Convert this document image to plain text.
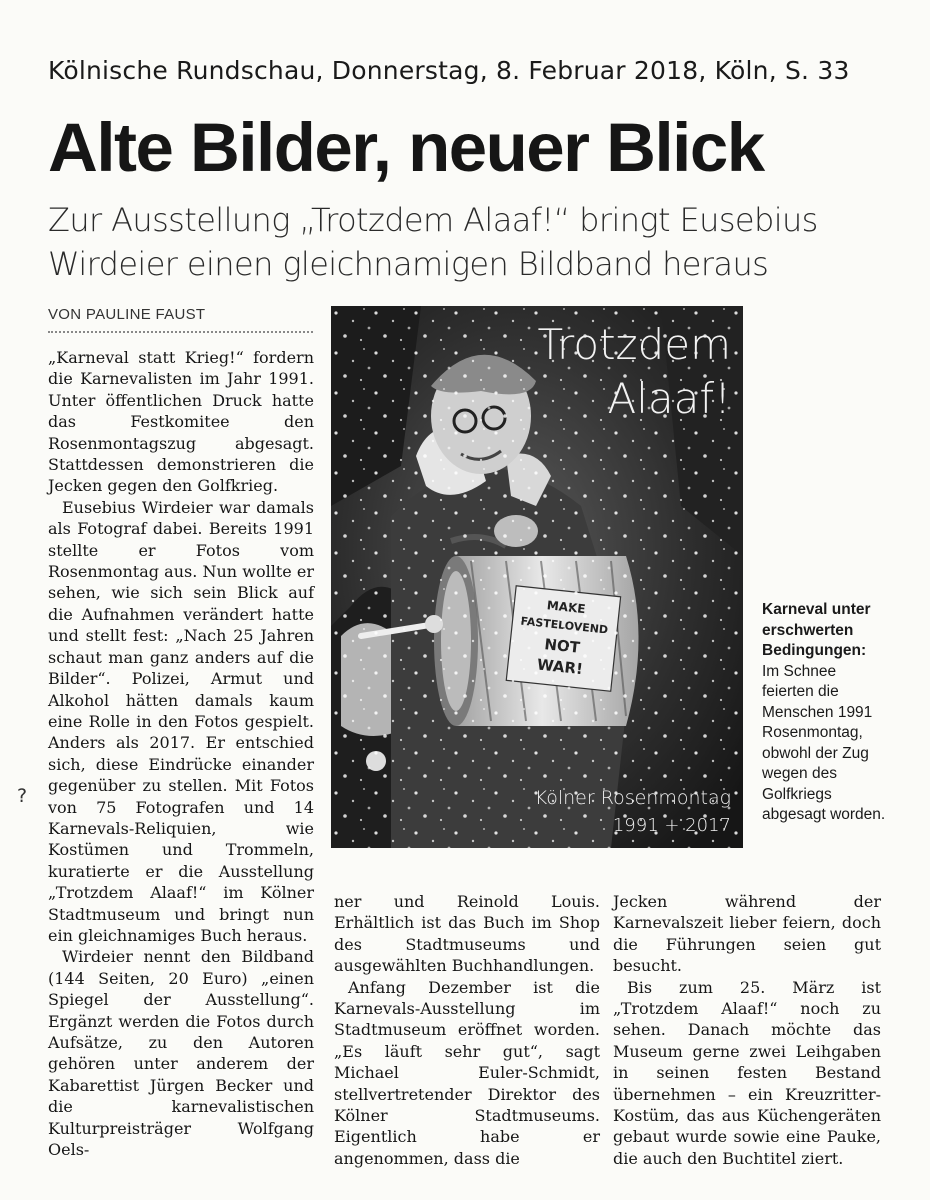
Kölnische Rundschau, Donnerstag, 8. Februar 2018, Köln, S. 33
Alte Bilder, neuer Blick
Zur Ausstellung „Trotzdem Alaaf!“ bringt Eusebius
Wirdeier einen gleichnamigen Bildband heraus
VON PAULINE FAUST

„Karneval statt Krieg!“ fordern die Karnevalisten im Jahr 1991. Unter öffentlichen Druck hatte das Festkomitee den Rosenmontagszug abgesagt. Stattdessen demonstrieren die Jecken gegen den Golfkrieg.

Eusebius Wirdeier war damals als Fotograf dabei. Bereits 1991 stellte er Fotos vom Rosenmontag aus. Nun wollte er sehen, wie sich sein Blick auf die Aufnahmen verändert hatte und stellt fest: „Nach 25 Jahren schaut man ganz anders auf die Bilder“. Polizei, Armut und Alkohol hätten damals kaum eine Rolle in den Fotos gespielt. Anders als 2017. Er entschied sich, diese Eindrücke einander gegenüber zu stellen. Mit Fotos von 75 Fotografen und 14 Karnevals-Reliquien, wie Kostümen und Trommeln, kuratierte er die Ausstellung „Trotzdem Alaaf!“ im Kölner Stadtmuseum und bringt nun ein gleichnamiges Buch heraus.

Wirdeier nennt den Bildband (144 Seiten, 20 Euro) „einen Spiegel der Ausstellung“. Ergänzt werden die Fotos durch Aufsätze, zu den Autoren gehören unter anderem der Kabarettist Jürgen Becker und die karnevalistischen Kulturpreisträger Wolfgang Oels-

Trotzdem
Alaaf!
Kölner Rosenmontag
1991 + 2017
Karneval unter erschwerten Bedingungen: Im Schnee feierten die Menschen 1991 Rosenmontag, obwohl der Zug wegen des Golfkriegs abgesagt worden.
?

ner und Reinold Louis. Erhältlich ist das Buch im Shop des Stadtmuseums und ausgewählten Buchhandlungen.

Anfang Dezember ist die Karnevals-Ausstellung im Stadtmuseum eröffnet worden. „Es läuft sehr gut“, sagt Michael Euler-Schmidt, stellvertretender Direktor des Kölner Stadtmuseums. Eigentlich habe er angenommen, dass die

Jecken während der Karnevalszeit lieber feiern, doch die Führungen seien gut besucht.

Bis zum 25. März ist „Trotzdem Alaaf!“ noch zu sehen. Danach möchte das Museum gerne zwei Leihgaben in seinen festen Bestand übernehmen – ein Kreuzritter-Kostüm, das aus Küchengeräten gebaut wurde sowie eine Pauke, die auch den Buchtitel ziert.
